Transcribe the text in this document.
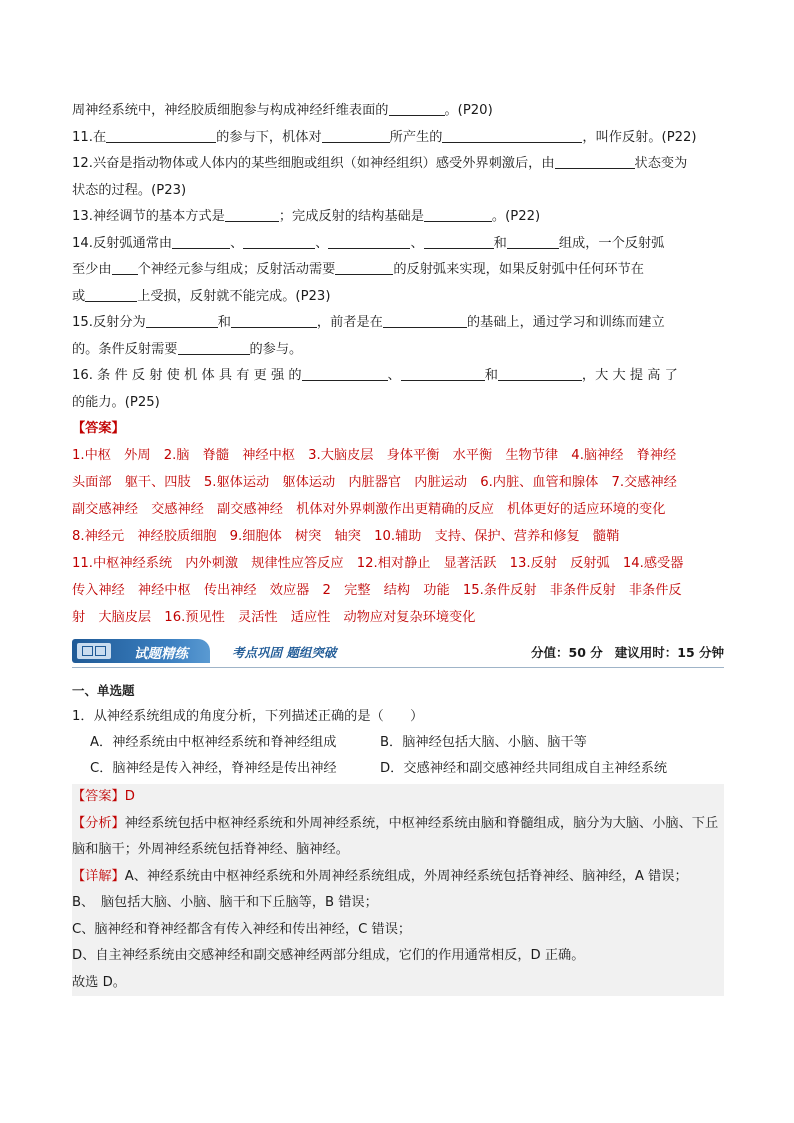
周神经系统中，神经胶质细胞参与构成神经纤维表面的	。(P20)
11.在	的参与下，机体对	所产生的	，叫作反射。(P22)
12.兴奋是指动物体或人体内的某些细胞或组织（如神经组织）感受外界刺激后，由	状态变为
状态的过程。(P23)
13.神经调节的基本方式是	；完成反射的结构基础是	。(P22)
14.反射弧通常由	、	、	、	和	组成，一个反射弧
至少由 个神经元参与组成；反射活动需要	的反射弧来实现，如果反射弧中任何环节在
或	上受损，反射就不能完成。(P23)
15.反射分为	和	，前者是在	的基础上，通过学习和训练而建立
的。条件反射需要	的参与。
16. 条 件 反 射 使 机 体 具 有 更 强 的	、	和	，大 大 提 高 了
的能力。(P25)
【答案】
1.中枢　外周　2.脑　脊髓　神经中枢　3.大脑皮层　身体平衡　水平衡　生物节律　4.脑神经　脊神经
头面部　躯干、四肢　5.躯体运动　躯体运动　内脏器官　内脏运动　6.内脏、血管和腺体　7.交感神经
副交感神经　交感神经　副交感神经　机体对外界刺激作出更精确的反应　机体更好的适应环境的变化
8.神经元　神经胶质细胞　9.细胞体　树突　轴突　10.辅助　支持、保护、营养和修复　髓鞘
11.中枢神经系统　内外刺激　规律性应答反应　12.相对静止　显著活跃　13.反射　反射弧　14.感受器
传入神经　神经中枢　传出神经　效应器　2　完整　结构　功能　15.条件反射　非条件反射　非条件反
射　大脑皮层　16.预见性　灵活性　适应性　动物应对复杂环境变化
试题精练	考点巩固 题组突破	分值：50 分 建议用时：15 分钟
一、单选题
1．从神经系统组成的角度分析，下列描述正确的是（　　）
A．神经系统由中枢神经系统和脊神经组成	B．脑神经包括大脑、小脑、脑干等
C．脑神经是传入神经，脊神经是传出神经	D．交感神经和副交感神经共同组成自主神经系统
【答案】D
【分析】神经系统包括中枢神经系统和外周神经系统，中枢神经系统由脑和脊髓组成，脑分为大脑、小脑、下丘脑和脑干；外周神经系统包括脊神经、脑神经。
【详解】A、神经系统由中枢神经系统和外周神经系统组成，外周神经系统包括脊神经、脑神经，A 错误；
B、　脑包括大脑、小脑、脑干和下丘脑等，B 错误；
C、脑神经和脊神经都含有传入神经和传出神经，C 错误；
D、自主神经系统由交感神经和副交感神经两部分组成，它们的作用通常相反，D 正确。
故选 D。
